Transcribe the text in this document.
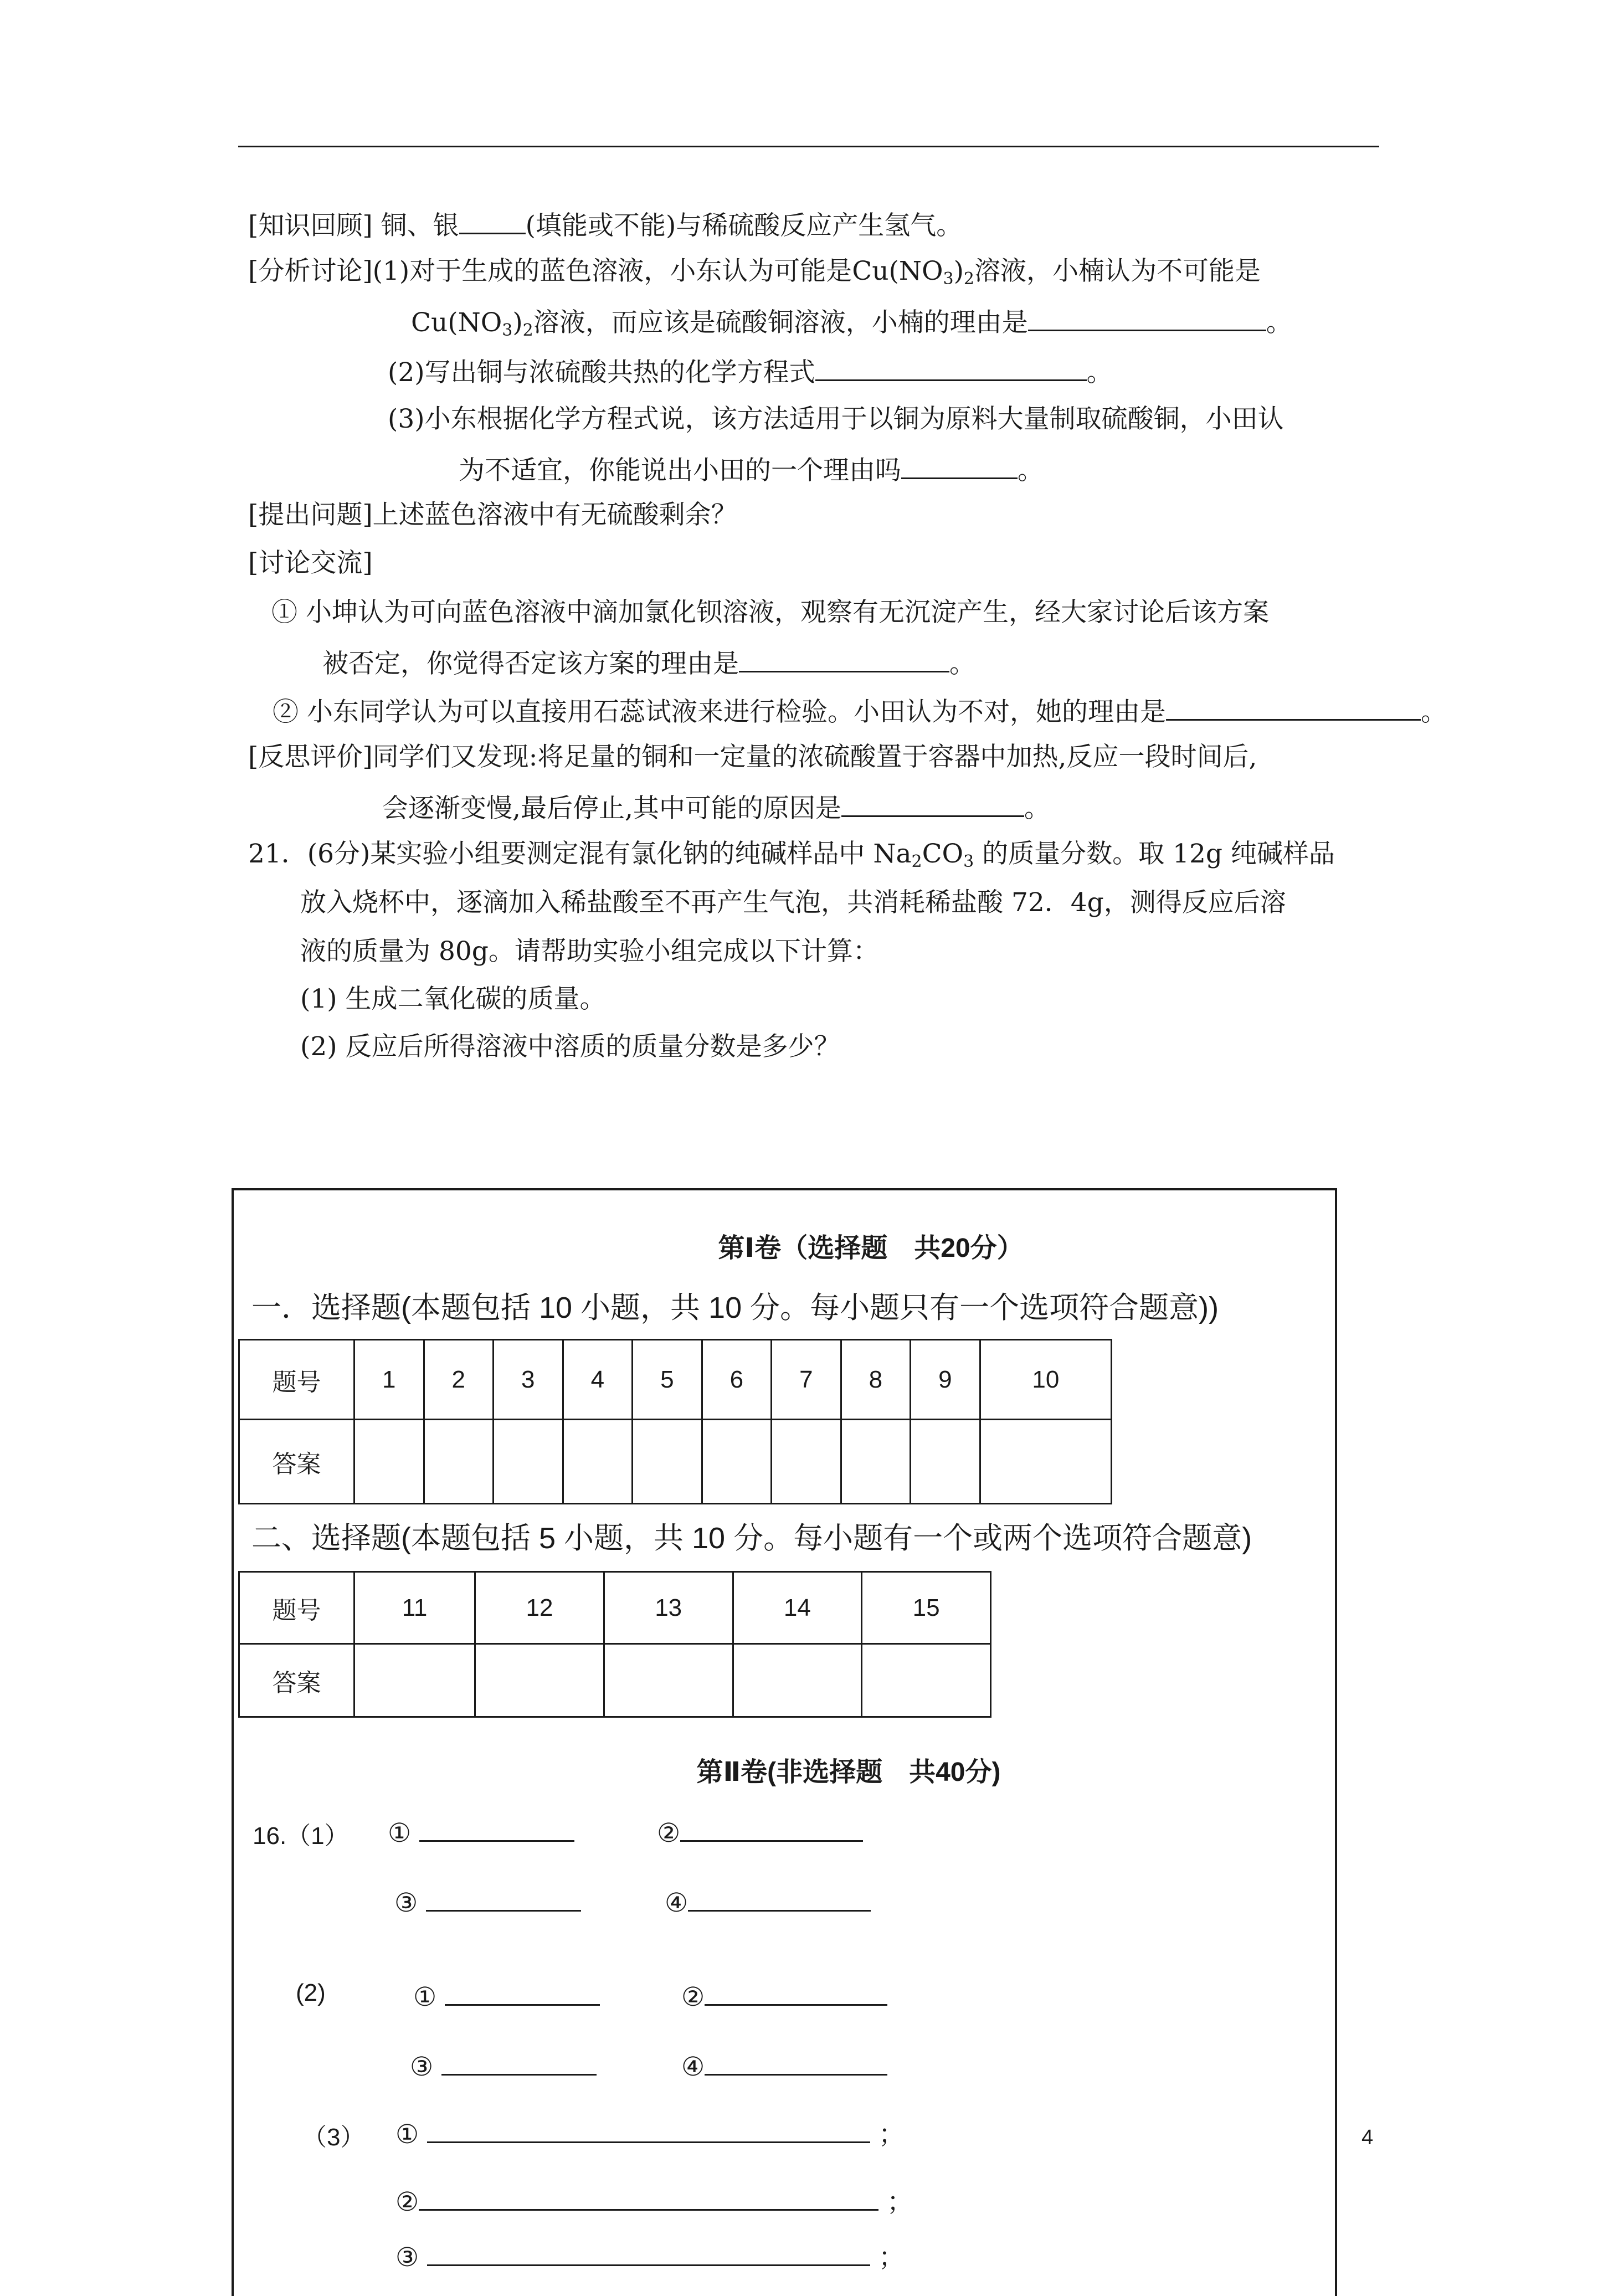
[知识回顾] 铜、银	(填能或不能)与稀硫酸反应产生氢气。
[分析讨论](1)对于生成的蓝色溶液，小东认为可能是$Cu(NO_3)_2$溶液，小楠认为不可能是
$Cu(NO_3)_2$溶液，而应该是硫酸铜溶液，小楠的理由是	。
(2)写出铜与浓硫酸共热的化学方程式	。
(3)小东根据化学方程式说，该方法适用于以铜为原料大量制取硫酸铜，小田认
为不适宜，你能说出小田的一个理由吗	。
[提出问题]上述蓝色溶液中有无硫酸剩余？
[讨论交流]
① 小坤认为可向蓝色溶液中滴加氯化钡溶液，观察有无沉淀产生，经大家讨论后该方案
被否定，你觉得否定该方案的理由是	。
② 小东同学认为可以直接用石蕊试液来进行检验。小田认为不对，她的理由是	。
[反思评价]同学们又发现:将足量的铜和一定量的浓硫酸置于容器中加热,反应一段时间后,
会逐渐变慢,最后停止,其中可能的原因是	。
21．(6分)某实验小组要测定混有氯化钠的纯碱样品中 $Na_2CO_3$ 的质量分数。取 12g 纯碱样品
放入烧杯中，逐滴加入稀盐酸至不再产生气泡，共消耗稀盐酸 72．4g，测得反应后溶
液的质量为 80g。请帮助实验小组完成以下计算：
(1) 生成二氧化碳的质量。
(2) 反应后所得溶液中溶质的质量分数是多少？
第Ⅰ卷（选择题　共20分）
一．选择题(本题包括 10 小题，共 10 分。每小题只有一个选项符合题意))
题号	1	2	3	4	5	6	7	8	9	10
答案										
二、选择题(本题包括 5 小题，共 10 分。每小题有一个或两个选项符合题意)
题号	11	12	13	14	15
答案					
第Ⅱ卷(非选择题　共40分)
16.（1） ①	②
③	④
(2)	①	②
③	④
（3） ①	；
②	；
③	；
4
